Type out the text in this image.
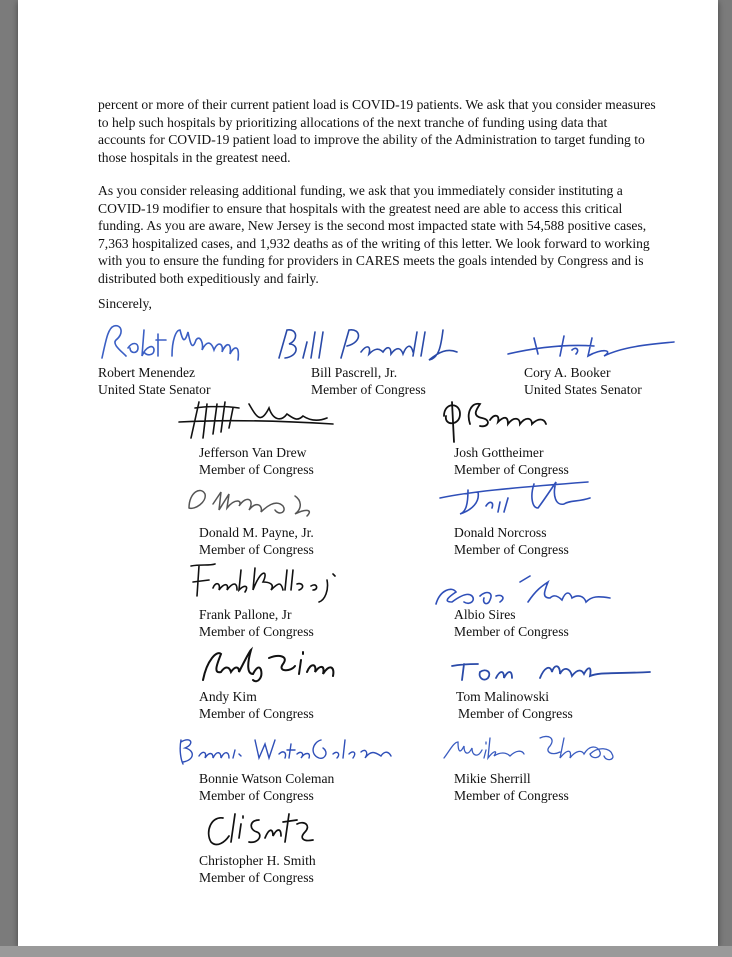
percent or more of their current patient load is COVID-19 patients. We ask that you consider measures to help such hospitals by prioritizing allocations of the next tranche of funding using data that accounts for COVID-19 patient load to improve the ability of the Administration to target funding to those hospitals in the greatest need.

As you consider releasing additional funding, we ask that you immediately consider instituting a COVID-19 modifier to ensure that hospitals with the greatest need are able to access this critical funding. As you are aware, New Jersey is the second most impacted state with 54,588 positive cases, 7,363 hospitalized cases, and 1,932 deaths as of the writing of this letter. We look forward to working with you to ensure the funding for providers in CARES meets the goals intended by Congress and is distributed both expeditiously and fairly.

Sincerely,
Robert Menendez
United State Senator
Bill Pascrell, Jr.
Member of Congress
Cory A. Booker
United States Senator
Jefferson Van Drew
Member of Congress
Josh Gottheimer
Member of Congress
Donald M. Payne, Jr.
Member of Congress
Donald Norcross
Member of Congress
Frank Pallone, Jr
Member of Congress
Albio Sires
Member of Congress
Andy Kim
Member of Congress
Tom Malinowski
Member of Congress
Bonnie Watson Coleman
Member of Congress
Mikie Sherrill
Member of Congress
Christopher H. Smith
Member of Congress
